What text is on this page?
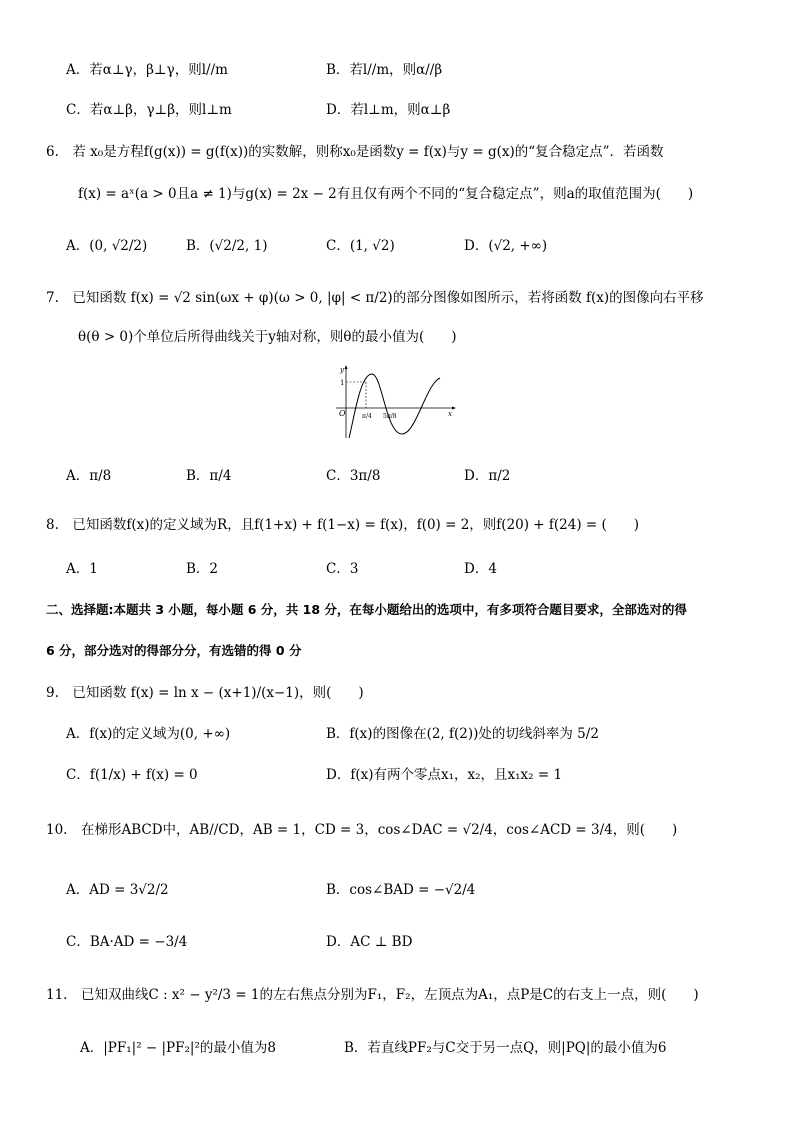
A．若α⊥γ，β⊥γ，则l//m	B．若l//m，则α//β
C．若α⊥β，γ⊥β，则l⊥m	D．若l⊥m，则α⊥β
6.　若 x₀是方程f(g(x)) = g(f(x))的实数解，则称x₀是函数y = f(x)与y = g(x)的“复合稳定点”．若函数
f(x) = aˣ(a > 0且a ≠ 1)与g(x) = 2x − 2有且仅有两个不同的“复合稳定点”，则a的取值范围为(　　)
A．(0, √2/2)	B．(√2/2, 1)	C．(1, √2)	D．(√2, +∞)
7.　已知函数 f(x) = √2 sin(ωx + φ)(ω > 0, |φ| < π/2)的部分图像如图所示，若将函数 f(x)的图像向右平移
θ(θ > 0)个单位后所得曲线关于y轴对称，则θ的最小值为(　　)
y
x
O
1
π/4 5π/8
A．π/8	B．π/4	C．3π/8	D．π/2
8.　已知函数f(x)的定义域为R，且f(1+x) + f(1−x) = f(x)，f(0) = 2，则f(20) + f(24) = (　　)
A．1	B．2	C．3	D．4
二、选择题:本题共 3 小题，每小题 6 分，共 18 分，在每小题给出的选项中，有多项符合题目要求，全部选对的得
6 分，部分选对的得部分分，有选错的得 0 分
9.　已知函数 f(x) = ln x − (x+1)/(x−1)，则(　　)
A．f(x)的定义域为(0, +∞)	B．f(x)的图像在(2, f(2))处的切线斜率为 5/2
C．f(1/x) + f(x) = 0	D．f(x)有两个零点x₁，x₂，且x₁x₂ = 1
10.　在梯形ABCD中，AB//CD，AB = 1，CD = 3，cos∠DAC = √2/4，cos∠ACD = 3/4，则(　　)
A．AD = 3√2/2	B．cos∠BAD = −√2/4
C．BA·AD = −3/4	D．AC ⊥ BD
11.　已知双曲线C : x² − y²/3 = 1的左右焦点分别为F₁，F₂，左顶点为A₁，点P是C的右支上一点，则(　　)
A．|PF₁|² − |PF₂|²的最小值为8	B．若直线PF₂与C交于另一点Q，则|PQ|的最小值为6
